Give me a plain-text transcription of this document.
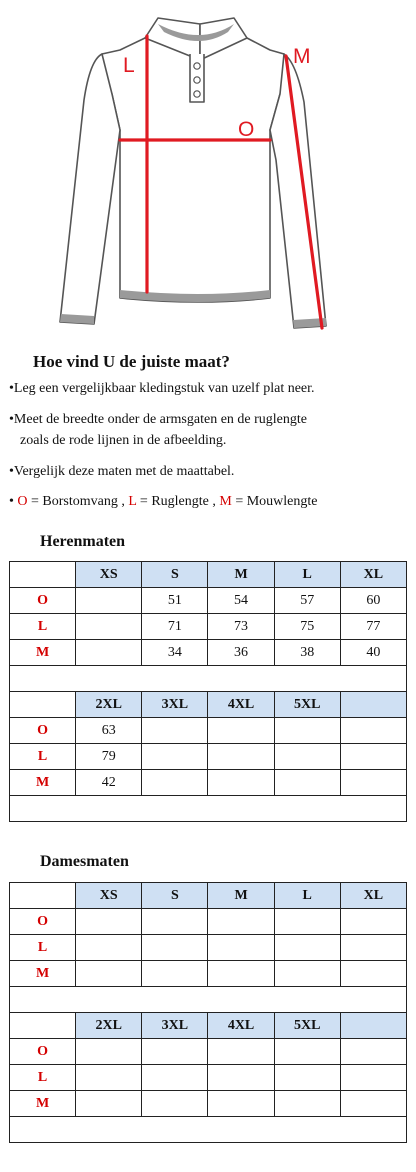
L
O
M
Hoe vind U de juiste maat?

•Leg een vergelijkbaar kledingstuk van uzelf plat neer.

•Meet de breedte onder de armsgaten en de ruglengte

zoals de rode lijnen in de afbeelding.

•Vergelijk deze maten met de maattabel.

• O = Borstomvang , L = Ruglengte , M = Mouwlengte

Herenmaten
	XS	S	M	L	XL
O		51	54	57	60
L		71	73	75	77
M		34	36	38	40

	2XL	3XL	4XL	5XL	
O	63				
L	79				
M	42				

Damesmaten
	XS	S	M	L	XL
O					
L					
M					

	2XL	3XL	4XL	5XL	
O					
L					
M					
